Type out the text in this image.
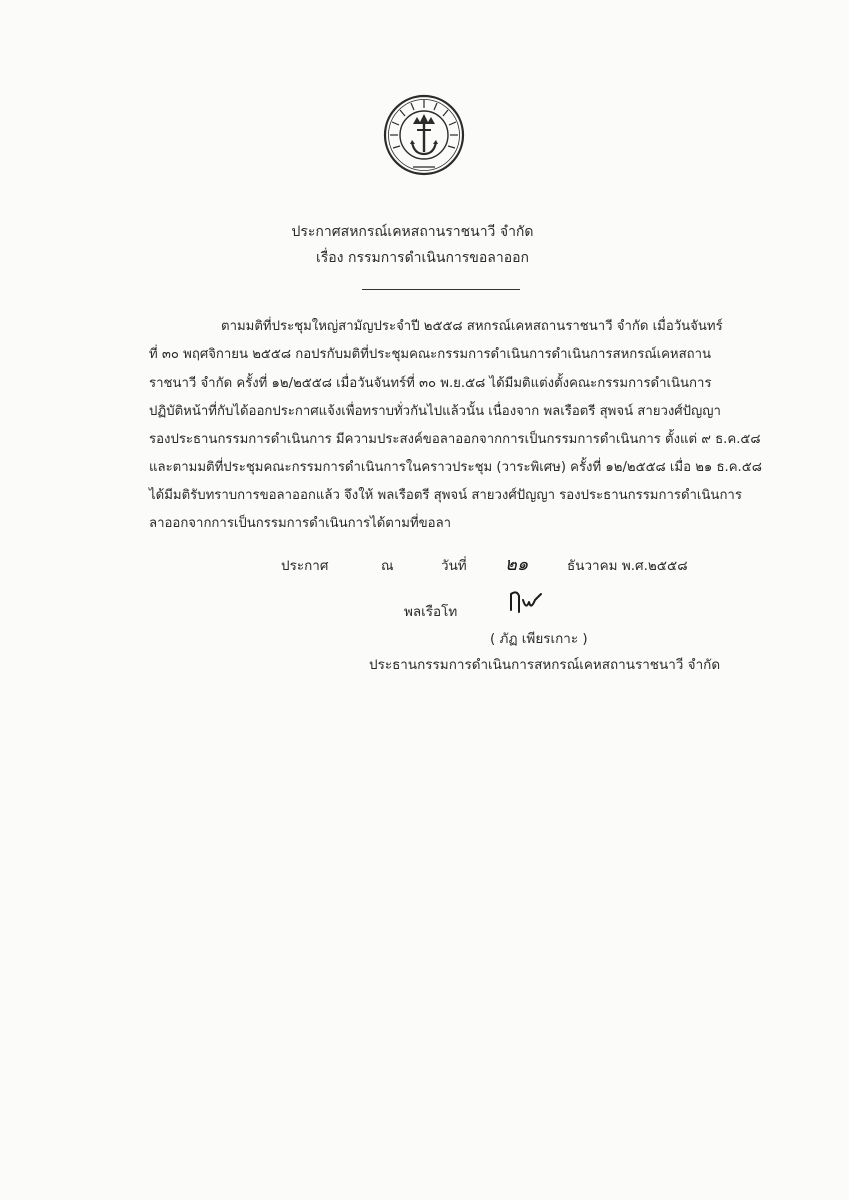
ประกาศสหกรณ์เคหสถานราชนาวี จำกัด
เรื่อง กรรมการดำเนินการขอลาออก
ตามมติที่ประชุมใหญ่สามัญประจำปี ๒๕๕๘ สหกรณ์เคหสถานราชนาวี จำกัด เมื่อวันจันทร์
ที่ ๓๐ พฤศจิกายน ๒๕๕๘ กอปรกับมติที่ประชุมคณะกรรมการดำเนินการดำเนินการสหกรณ์เคหสถาน
ราชนาวี จำกัด ครั้งที่ ๑๒/๒๕๕๘ เมื่อวันจันทร์ที่ ๓๐ พ.ย.๕๘ ได้มีมติแต่งตั้งคณะกรรมการดำเนินการ
ปฏิบัติหน้าที่กับได้ออกประกาศแจ้งเพื่อทราบทั่วกันไปแล้วนั้น เนื่องจาก พลเรือตรี สุพจน์ สายวงศ์ปัญญา
รองประธานกรรมการดำเนินการ มีความประสงค์ขอลาออกจากการเป็นกรรมการดำเนินการ ตั้งแต่ ๙ ธ.ค.๕๘
และตามมติที่ประชุมคณะกรรมการดำเนินการในคราวประชุม (วาระพิเศษ) ครั้งที่ ๑๒/๒๕๕๘ เมื่อ ๒๑ ธ.ค.๕๘
ได้มีมติรับทราบการขอลาออกแล้ว จึงให้ พลเรือตรี สุพจน์ สายวงศ์ปัญญา รองประธานกรรมการดำเนินการ
ลาออกจากการเป็นกรรมการดำเนินการได้ตามที่ขอลา
ประกาศ	ณ	วันที่ ๒๑	ธันวาคม พ.ศ.๒๕๕๘
พลเรือโท
( ภัฏ เพียรเกาะ )
ประธานกรรมการดำเนินการสหกรณ์เคหสถานราชนาวี จำกัด
